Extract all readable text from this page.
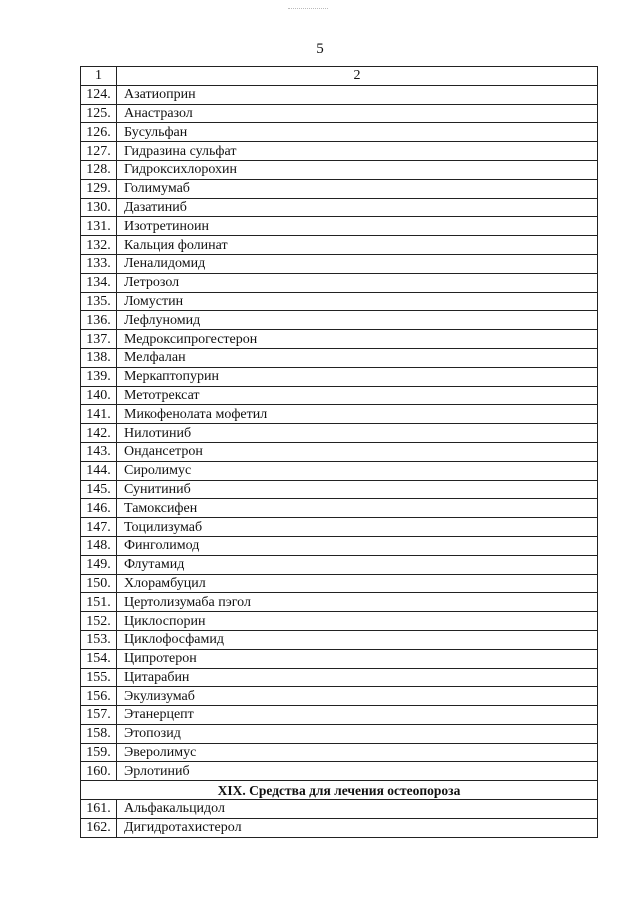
5
1	2
124.	Азатиоприн
125.	Анастразол
126.	Бусульфан
127.	Гидразина сульфат
128.	Гидроксихлорохин
129.	Голимумаб
130.	Дазатиниб
131.	Изотретиноин
132.	Кальция фолинат
133.	Леналидомид
134.	Летрозол
135.	Ломустин
136.	Лефлуномид
137.	Медроксипрогестерон
138.	Мелфалан
139.	Меркаптопурин
140.	Метотрексат
141.	Микофенолата мофетил
142.	Нилотиниб
143.	Ондансетрон
144.	Сиролимус
145.	Сунитиниб
146.	Тамоксифен
147.	Тоцилизумаб
148.	Финголимод
149.	Флутамид
150.	Хлорамбуцил
151.	Цертолизумаба пэгол
152.	Циклоспорин
153.	Циклофосфамид
154.	Ципротерон
155.	Цитарабин
156.	Экулизумаб
157.	Этанерцепт
158.	Этопозид
159.	Эверолимус
160.	Эрлотиниб
XIX. Средства для лечения остеопороза	
161.	Альфакальцидол
162.	Дигидротахистерол
